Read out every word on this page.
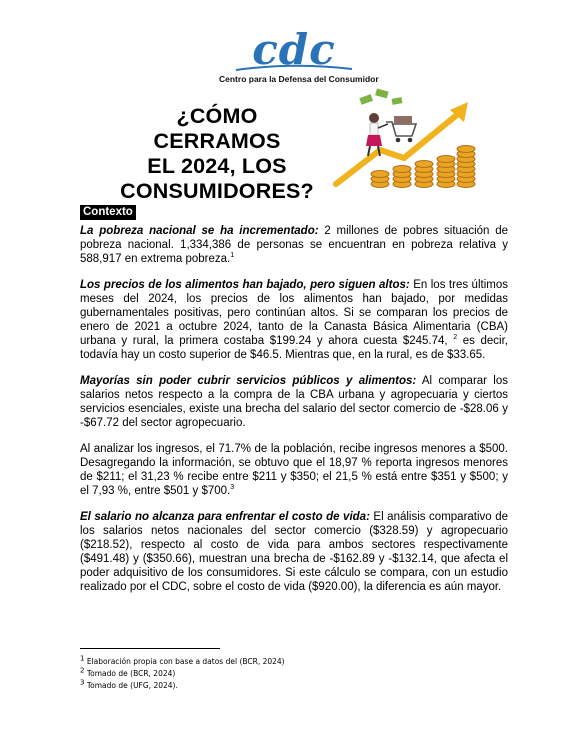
cdc
Centro para la Defensa del Consumidor
¿CÓMO CERRAMOS
EL 2024, LOS
CONSUMIDORES?
Contexto

La pobreza nacional se ha incrementado: 2 millones de pobres situación de pobreza nacional. 1,334,386 de personas se encuentran en pobreza relativa y 588,917 en extrema pobreza.$^1$

Los precios de los alimentos han bajado, pero siguen altos: En los tres últimos meses del 2024, los precios de los alimentos han bajado, por medidas gubernamentales positivas, pero continúan altos. Si se comparan los precios de enero de 2021 a octubre 2024, tanto de la Canasta Básica Alimentaria (CBA) urbana y rural, la primera costaba $199.24 y ahora cuesta $245.74, $^2$ es decir, todavía hay un costo superior de $46.5. Mientras que, en la rural, es de $33.65.

Mayorías sin poder cubrir servicios públicos y alimentos: Al comparar los salarios netos respecto a la compra de la CBA urbana y agropecuaria y ciertos servicios esenciales, existe una brecha del salario del sector comercio de -$28.06 y -$67.72 del sector agropecuario.

Al analizar los ingresos, el 71.7% de la población, recibe ingresos menores a $500. Desagregando la información, se obtuvo que el 18,97 % reporta ingresos menores de $211; el 31,23 % recibe entre $211 y $350; el 21,5 % está entre $351 y $500; y el 7,93 %, entre $501 y $700.$^3$

El salario no alcanza para enfrentar el costo de vida: El análisis comparativo de los salarios netos nacionales del sector comercio ($328.59) y agropecuario ($218.52), respecto al costo de vida para ambos sectores respectivamente ($491.48) y ($350.66), muestran una brecha de -$162.89 y -$132.14, que afecta el poder adquisitivo de los consumidores. Si este cálculo se compara, con un estudio realizado por el CDC, sobre el costo de vida ($920.00), la diferencia es aún mayor.

$^1$ Elaboración propia con base a datos del (BCR, 2024)
$^2$ Tomado de (BCR, 2024)
$^3$ Tomado de (UFG, 2024).
